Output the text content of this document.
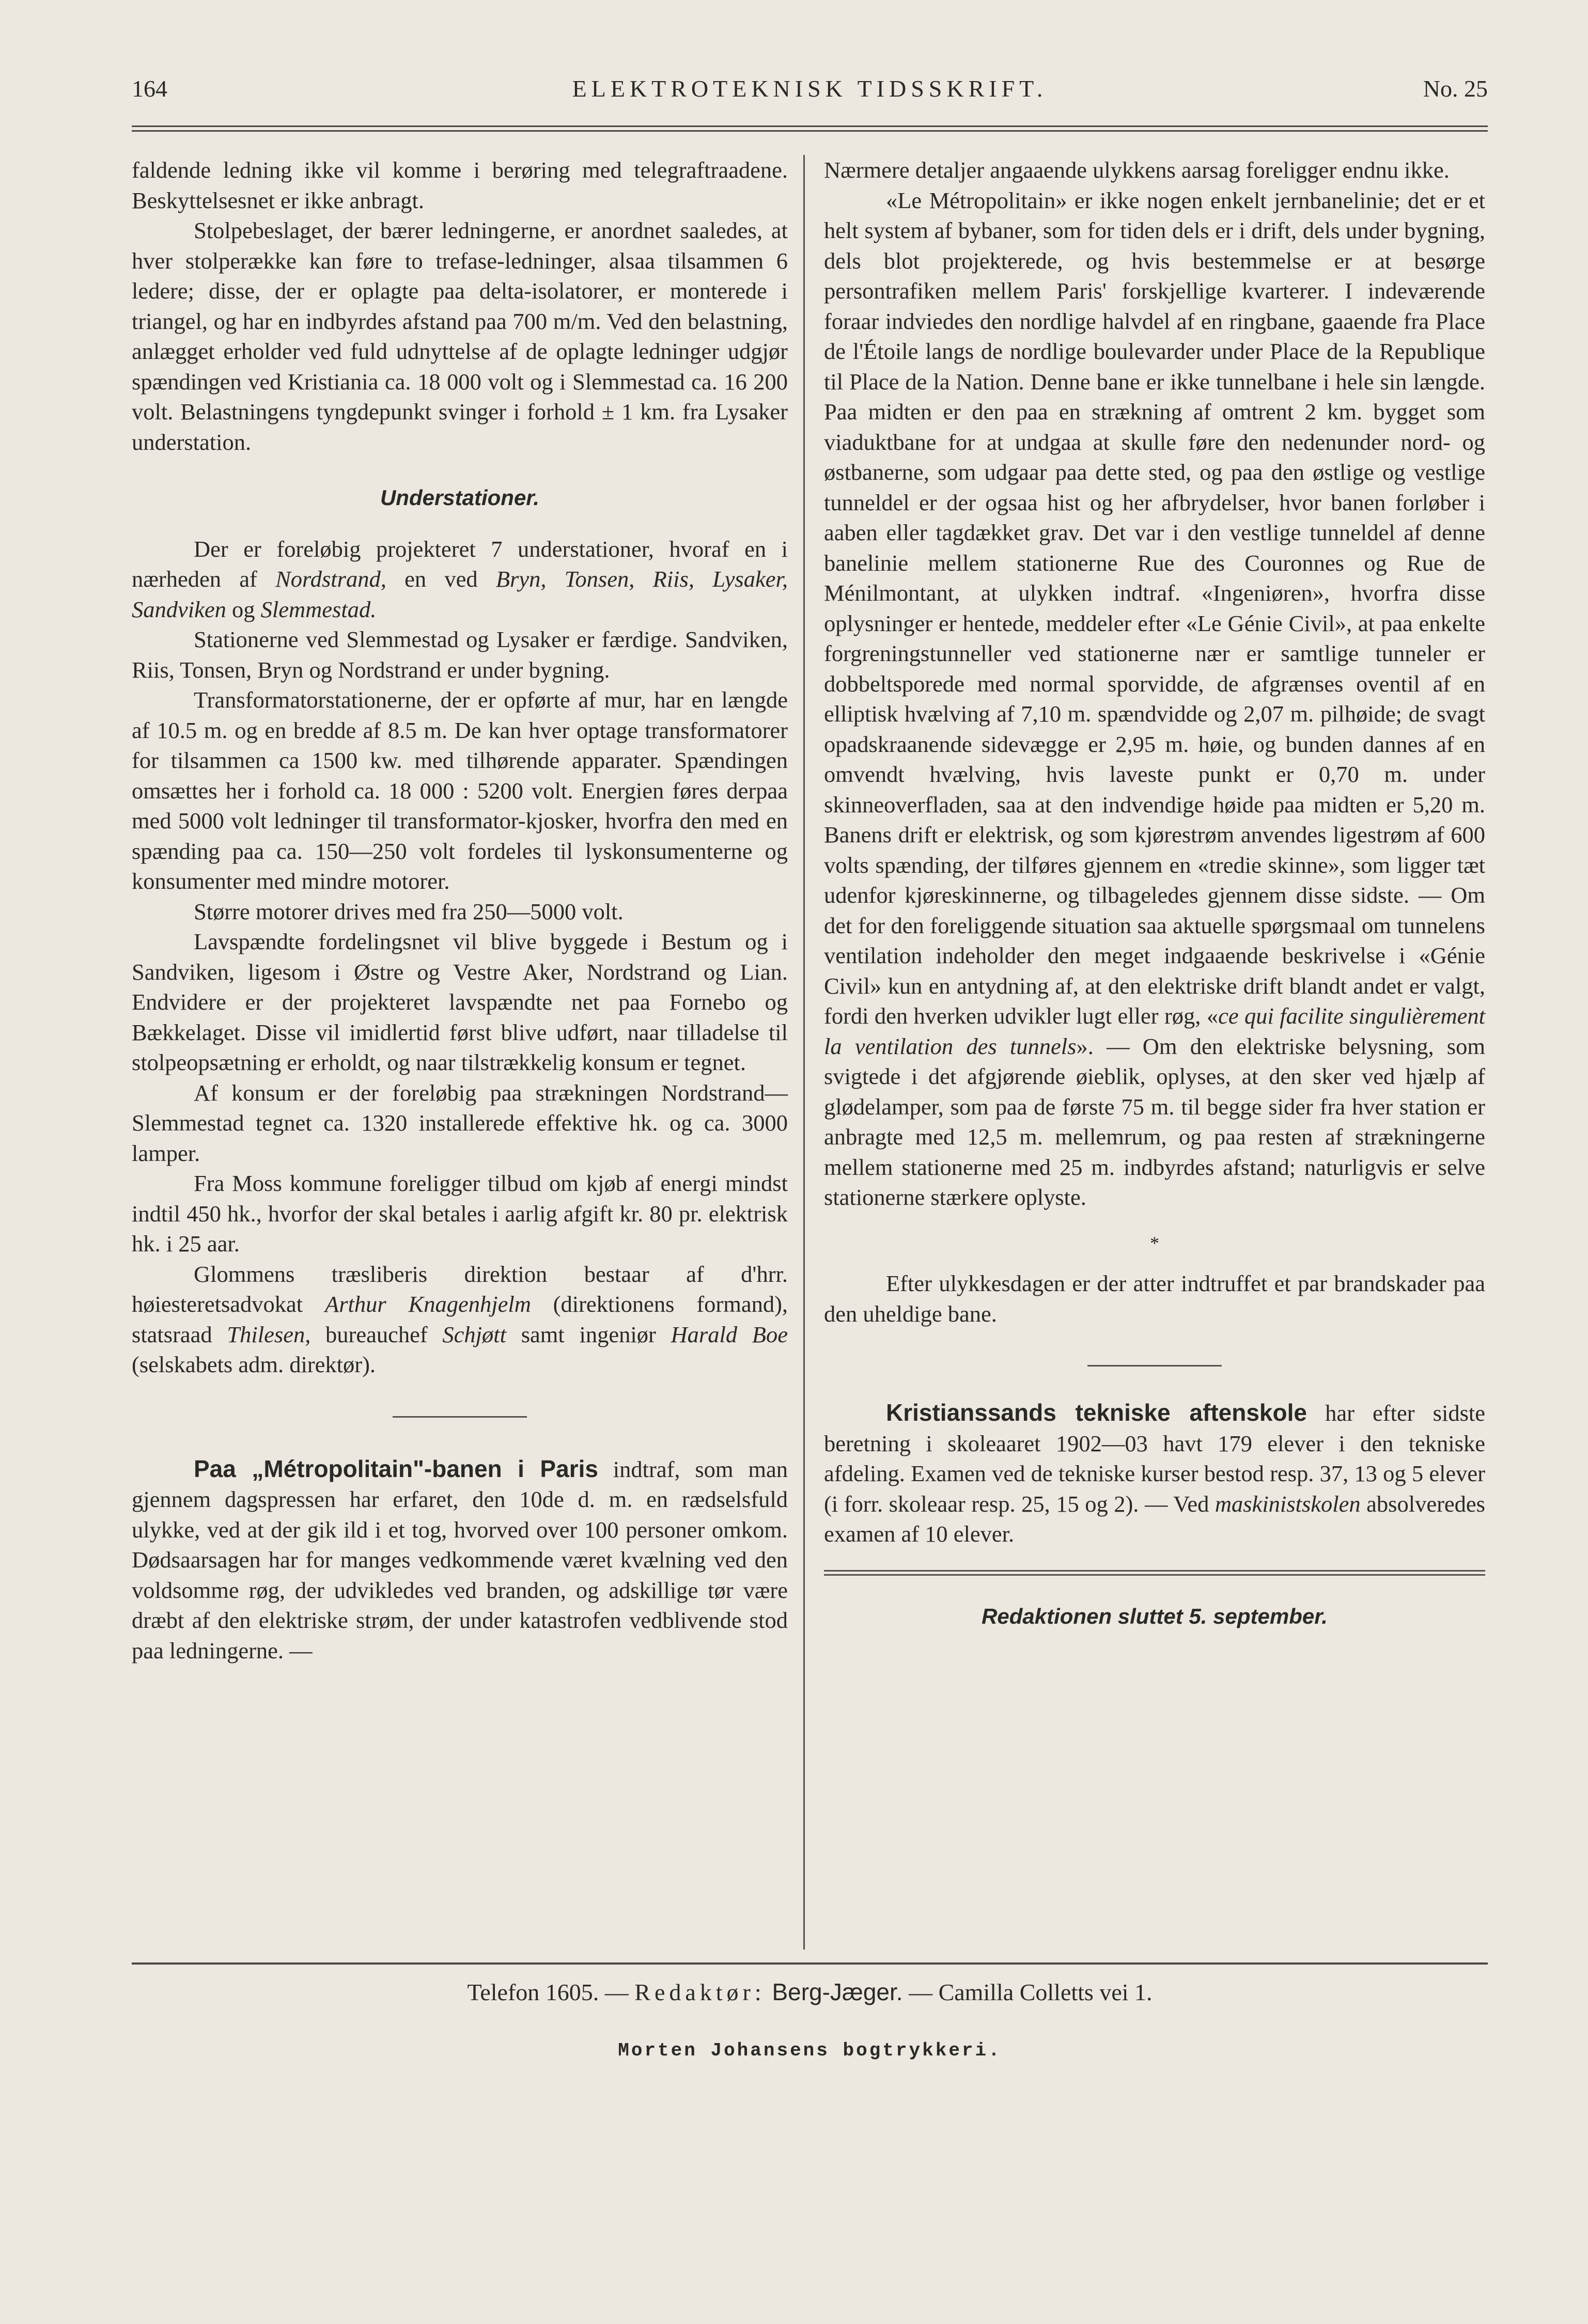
164	ELEKTROTEKNISK TIDSSKRIFT.	No. 25

faldende ledning ikke vil komme i berøring med telegraftraadene. Beskyttelsesnet er ikke anbragt.

Stolpebeslaget, der bærer ledningerne, er anordnet saaledes, at hver stolperække kan føre to trefase-ledninger, alsaa tilsammen 6 ledere; disse, der er oplagte paa delta-isolatorer, er monterede i triangel, og har en indbyrdes afstand paa 700 m/m. Ved den belastning, anlægget erholder ved fuld udnyttelse af de oplagte ledninger udgjør spændingen ved Kristiania ca. 18 000 volt og i Slemmestad ca. 16 200 volt. Belastningens tyngdepunkt svinger i forhold ± 1 km. fra Lysaker understation.

Understationer.

Der er foreløbig projekteret 7 understationer, hvoraf en i nærheden af Nordstrand, en ved Bryn, Tonsen, Riis, Lysaker, Sandviken og Slemmestad.

Stationerne ved Slemmestad og Lysaker er færdige. Sandviken, Riis, Tonsen, Bryn og Nordstrand er under bygning.

Transformatorstationerne, der er opførte af mur, har en længde af 10.5 m. og en bredde af 8.5 m. De kan hver optage transformatorer for tilsammen ca 1500 kw. med tilhørende apparater. Spændingen omsættes her i forhold ca. 18 000 : 5200 volt. Energien føres derpaa med 5000 volt ledninger til transformator-kjosker, hvorfra den med en spænding paa ca. 150—250 volt fordeles til lyskonsumenterne og konsumenter med mindre motorer.

Større motorer drives med fra 250—5000 volt.

Lavspændte fordelingsnet vil blive byggede i Bestum og i Sandviken, ligesom i Østre og Vestre Aker, Nordstrand og Lian. Endvidere er der projekteret lavspændte net paa Fornebo og Bækkelaget. Disse vil imidlertid først blive udført, naar tilladelse til stolpeopsætning er erholdt, og naar tilstrækkelig konsum er tegnet.

Af konsum er der foreløbig paa strækningen Nordstrand—Slemmestad tegnet ca. 1320 installerede effektive hk. og ca. 3000 lamper.

Fra Moss kommune foreligger tilbud om kjøb af energi mindst indtil 450 hk., hvorfor der skal betales i aarlig afgift kr. 80 pr. elektrisk hk. i 25 aar.

Glommens træsliberis direktion bestaar af d'hrr. høiesteretsadvokat Arthur Knagenhjelm (direktionens formand), statsraad Thilesen, bureauchef Schjøtt samt ingeniør Harald Boe (selskabets adm. direktør).

Paa „Métropolitain"-banen i Paris indtraf, som man gjennem dagspressen har erfaret, den 10de d. m. en rædselsfuld ulykke, ved at der gik ild i et tog, hvorved over 100 personer omkom. Dødsaarsagen har for manges vedkommende været kvælning ved den voldsomme røg, der udvikledes ved branden, og adskillige tør være dræbt af den elektriske strøm, der under katastrofen vedblivende stod paa ledningerne. —

Nærmere detaljer angaaende ulykkens aarsag foreligger endnu ikke.

«Le Métropolitain» er ikke nogen enkelt jernbanelinie; det er et helt system af bybaner, som for tiden dels er i drift, dels under bygning, dels blot projekterede, og hvis bestemmelse er at besørge persontrafiken mellem Paris' forskjellige kvarterer. I indeværende foraar indviedes den nordlige halvdel af en ringbane, gaaende fra Place de l'Étoile langs de nordlige boulevarder under Place de la Republique til Place de la Nation. Denne bane er ikke tunnelbane i hele sin længde. Paa midten er den paa en strækning af omtrent 2 km. bygget som viaduktbane for at undgaa at skulle føre den nedenunder nord- og østbanerne, som udgaar paa dette sted, og paa den østlige og vestlige tunneldel er der ogsaa hist og her afbrydelser, hvor banen forløber i aaben eller tagdækket grav. Det var i den vestlige tunneldel af denne banelinie mellem stationerne Rue des Couronnes og Rue de Ménilmontant, at ulykken indtraf. «Ingeniøren», hvorfra disse oplysninger er hentede, meddeler efter «Le Génie Civil», at paa enkelte forgreningstunneller ved stationerne nær er samtlige tunneler er dobbeltsporede med normal sporvidde, de afgrænses oventil af en elliptisk hvælving af 7,10 m. spændvidde og 2,07 m. pilhøide; de svagt opadskraanende sidevægge er 2,95 m. høie, og bunden dannes af en omvendt hvælving, hvis laveste punkt er 0,70 m. under skinneoverfladen, saa at den indvendige høide paa midten er 5,20 m. Banens drift er elektrisk, og som kjørestrøm anvendes ligestrøm af 600 volts spænding, der tilføres gjennem en «tredie skinne», som ligger tæt udenfor kjøreskinnerne, og tilbageledes gjennem disse sidste. — Om det for den foreliggende situation saa aktuelle spørgsmaal om tunnelens ventilation indeholder den meget indgaaende beskrivelse i «Génie Civil» kun en antydning af, at den elektriske drift blandt andet er valgt, fordi den hverken udvikler lugt eller røg, «ce qui facilite singulièrement la ventilation des tunnels». — Om den elektriske belysning, som svigtede i det afgjørende øieblik, oplyses, at den sker ved hjælp af glødelamper, som paa de første 75 m. til begge sider fra hver station er anbragte med 12,5 m. mellemrum, og paa resten af strækningerne mellem stationerne med 25 m. indbyrdes afstand; naturligvis er selve stationerne stærkere oplyste.

*

Efter ulykkesdagen er der atter indtruffet et par brandskader paa den uheldige bane.

Kristianssands tekniske aftenskole har efter sidste beretning i skoleaaret 1902—03 havt 179 elever i den tekniske afdeling. Examen ved de tekniske kurser bestod resp. 37, 13 og 5 elever (i forr. skoleaar resp. 25, 15 og 2). — Ved maskinistskolen absolveredes examen af 10 elever.

Redaktionen sluttet 5. september.
Telefon 1605. — Redaktør: Berg-Jæger. — Camilla Colletts vei 1.
Morten Johansens bogtrykkeri.
